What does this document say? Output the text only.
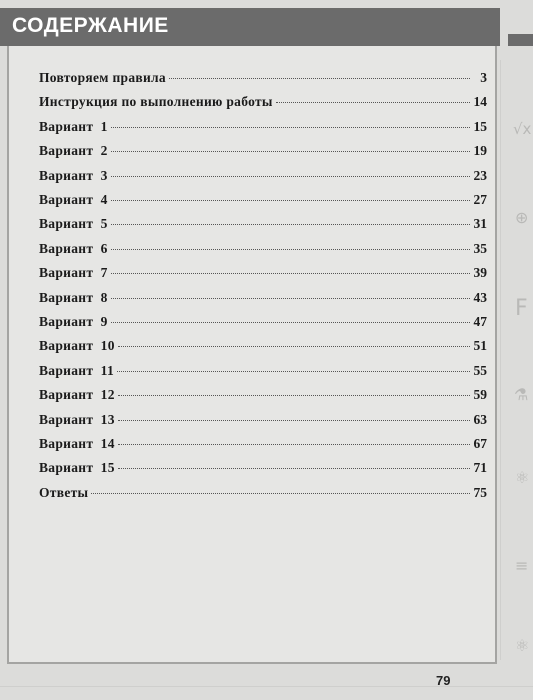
√x
⊕
F
⚗
⚛
≡
⚛
СОДЕРЖАНИЕ
Повторяем правила	3
Инструкция по выполнению работы	14
Вариант  1	15
Вариант  2	19
Вариант  3	23
Вариант  4	27
Вариант  5	31
Вариант  6	35
Вариант  7	39
Вариант  8	43
Вариант  9	47
Вариант  10	51
Вариант  11	55
Вариант  12	59
Вариант  13	63
Вариант  14	67
Вариант  15	71
Ответы	75
79
